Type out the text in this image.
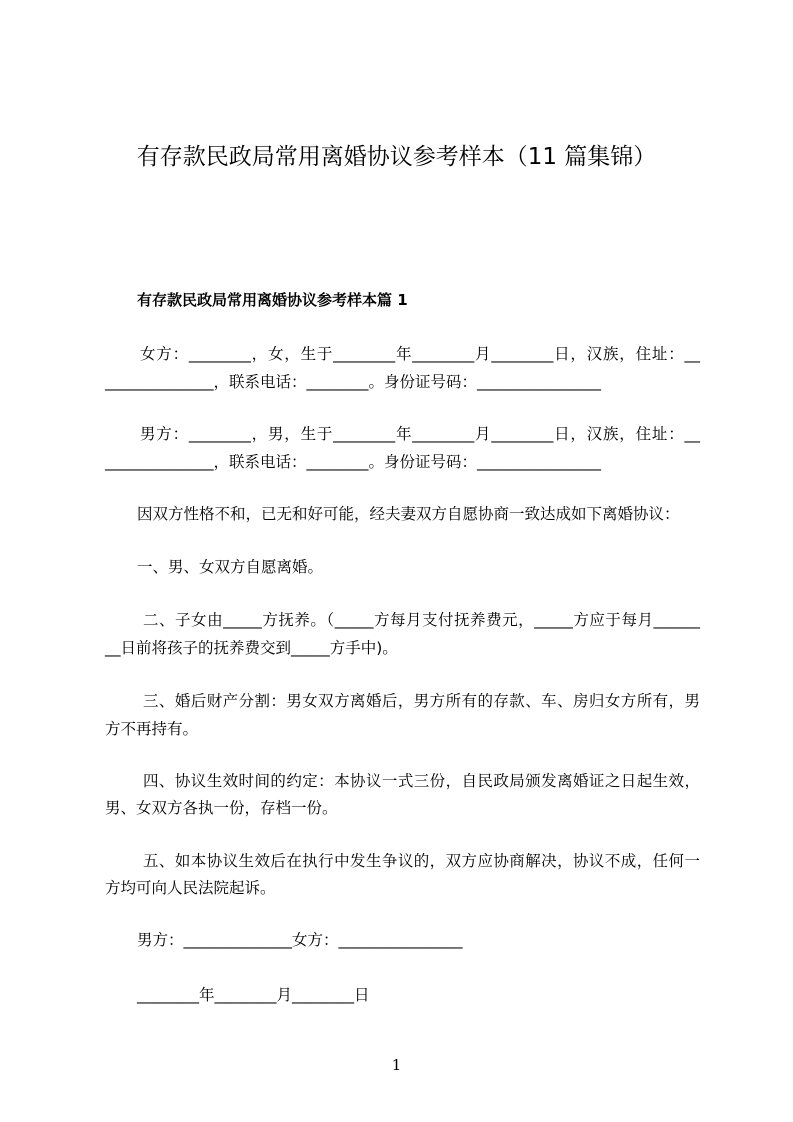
有存款民政局常用离婚协议参考样本（11 篇集锦）
有存款民政局常用离婚协议参考样本篇 1
女方：________，女，生于________年________月________日，汉族，住址：__
______________，联系电话：________。身份证号码：________________
男方：________，男，生于________年________月________日，汉族，住址：__
______________，联系电话：________。身份证号码：________________
因双方性格不和，已无和好可能，经夫妻双方自愿协商一致达成如下离婚协议：
一、男、女双方自愿离婚。
二、子女由_____方抚养。（_____方每月支付抚养费元，_____方应于每月______
__日前将孩子的抚养费交到_____方手中)。
三、婚后财产分割：男女双方离婚后，男方所有的存款、车、房归女方所有，男
方不再持有。
四、协议生效时间的约定：本协议一式三份，自民政局颁发离婚证之日起生效，
男、女双方各执一份，存档一份。
五、如本协议生效后在执行中发生争议的，双方应协商解决，协议不成，任何一
方均可向人民法院起诉。
男方：______________女方：________________
________年________月________日
1
